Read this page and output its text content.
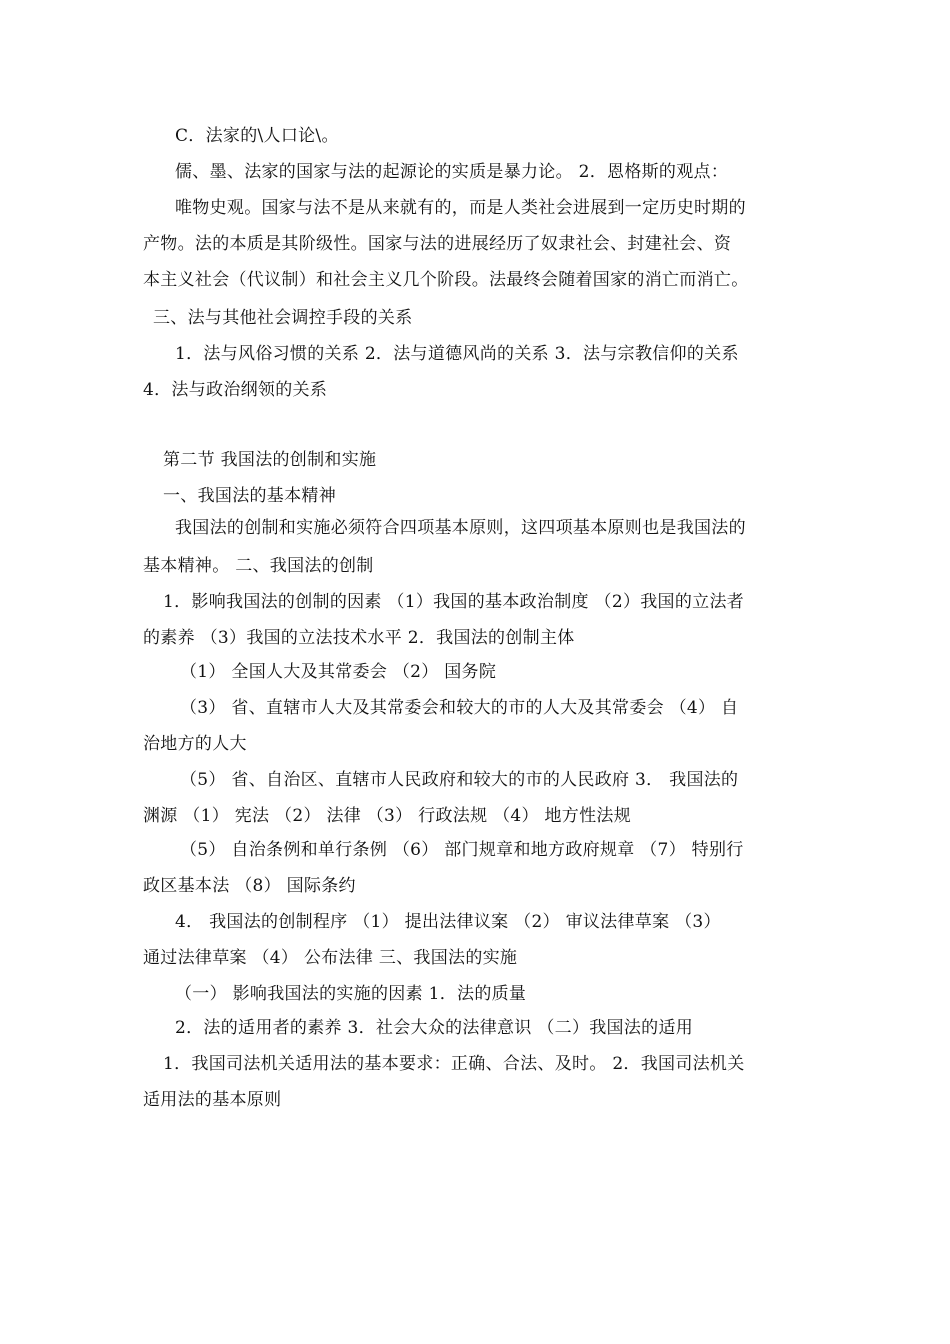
C．法家的\人口论\。
儒、墨、法家的国家与法的起源论的实质是暴力论。 2．恩格斯的观点：
唯物史观。国家与法不是从来就有的，而是人类社会进展到一定历史时期的
产物。法的本质是其阶级性。国家与法的进展经历了奴隶社会、封建社会、资
本主义社会（代议制）和社会主义几个阶段。法最终会随着国家的消亡而消亡。
三、法与其他社会调控手段的关系
1．法与风俗习惯的关系 2．法与道德风尚的关系 3．法与宗教信仰的关系
4．法与政治纲领的关系
第二节 我国法的创制和实施
一、我国法的基本精神
我国法的创制和实施必须符合四项基本原则，这四项基本原则也是我国法的
基本精神。 二、我国法的创制
1．影响我国法的创制的因素 （1）我国的基本政治制度 （2）我国的立法者
的素养 （3）我国的立法技术水平 2．我国法的创制主体
（1） 全国人大及其常委会 （2） 国务院
（3） 省、直辖市人大及其常委会和较大的市的人大及其常委会 （4） 自
治地方的人大
（5） 省、自治区、直辖市人民政府和较大的市的人民政府 3． 我国法的
渊源 （1） 宪法 （2） 法律 （3） 行政法规 （4） 地方性法规
（5） 自治条例和单行条例 （6） 部门规章和地方政府规章 （7） 特别行
政区基本法 （8） 国际条约
4． 我国法的创制程序 （1） 提出法律议案 （2） 审议法律草案 （3）
通过法律草案 （4） 公布法律 三、我国法的实施
（一） 影响我国法的实施的因素 1．法的质量
2．法的适用者的素养 3．社会大众的法律意识 （二）我国法的适用
1．我国司法机关适用法的基本要求：正确、合法、及时。 2．我国司法机关
适用法的基本原则
